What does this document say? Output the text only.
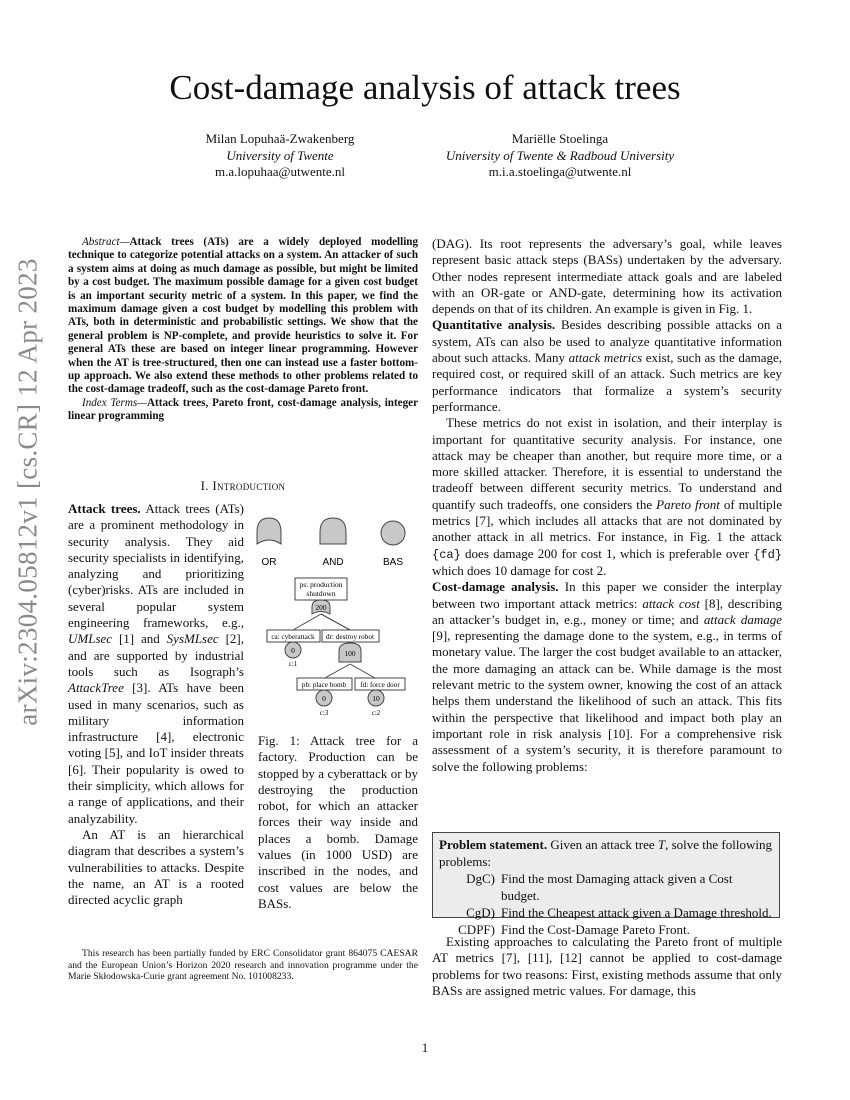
arXiv:2304.05812v1 [cs.CR] 12 Apr 2023
Cost-damage analysis of attack trees
Milan Lopuhaä-Zwakenberg
University of Twente
m.a.lopuhaa@utwente.nl
Mariëlle Stoelinga
University of Twente & Radboud University
m.i.a.stoelinga@utwente.nl

Abstract—Attack trees (ATs) are a widely deployed modelling technique to categorize potential attacks on a system. An attacker of such a system aims at doing as much damage as possible, but might be limited by a cost budget. The maximum possible damage for a given cost budget is an important security metric of a system. In this paper, we find the maximum damage given a cost budget by modelling this problem with ATs, both in deterministic and probabilistic settings. We show that the general problem is NP-complete, and provide heuristics to solve it. For general ATs these are based on integer linear programming. However when the AT is tree-structured, then one can instead use a faster bottom-up approach. We also extend these methods to other problems related to the cost-damage tradeoff, such as the cost-damage Pareto front.

Index Terms—Attack trees, Pareto front, cost-damage analysis, integer linear programming

I. Introduction

Attack trees. Attack trees (ATs) are a prominent methodology in security analysis. They aid security specialists in identifying, analyzing and prioritizing (cyber)risks. ATs are included in several popular system engineering frameworks, e.g., UMLsec [1] and SysMLsec [2], and are supported by industrial tools such as Isograph’s AttackTree [3]. ATs have been used in many scenarios, such as military information infrastructure [4], electronic voting [5], and IoT insider threats [6]. Their popularity is owed to their simplicity, which allows for a range of applications, and their analyzability.

An AT is an hierarchical diagram that describes a system’s vulnerabilities to attacks. Despite the name, an AT is a rooted directed acyclic graph

OR	AND	BAS
ps: production
shutdown
200
ca: cyberattack
0
c:1
dr: destroy robot
100
pb: place bomb
0
c:3
fd: force door
10
c:2
Fig. 1: Attack tree for a factory. Production can be stopped by a cyberattack or by destroying the production robot, for which an attacker forces their way inside and places a bomb. Damage values (in 1000 USD) are inscribed in the nodes, and cost values are below the BASs.

This research has been partially funded by ERC Consolidator grant 864075 CAESAR and the European Union’s Horizon 2020 research and innovation programme under the Marie Skłodowska-Curie grant agreement No. 101008233.

(DAG). Its root represents the adversary’s goal, while leaves represent basic attack steps (BASs) undertaken by the adversary. Other nodes represent intermediate attack goals and are labeled with an OR-gate or AND-gate, determining how its activation depends on that of its children. An example is given in Fig. 1.

Quantitative analysis. Besides describing possible attacks on a system, ATs can also be used to analyze quantitative information about such attacks. Many attack metrics exist, such as the damage, required cost, or required skill of an attack. Such metrics are key performance indicators that formalize a system’s security performance.

These metrics do not exist in isolation, and their interplay is important for quantitative security analysis. For instance, one attack may be cheaper than another, but require more time, or a more skilled attacker. Therefore, it is essential to understand the tradeoff between different security metrics. To understand and quantify such tradeoffs, one considers the Pareto front of multiple metrics [7], which includes all attacks that are not dominated by another attack in all metrics. For instance, in Fig. 1 the attack {ca} does damage 200 for cost 1, which is preferable over {fd} which does 10 damage for cost 2.

Cost-damage analysis. In this paper we consider the interplay between two important attack metrics: attack cost [8], describing an attacker’s budget in, e.g., money or time; and attack damage [9], representing the damage done to the system, e.g., in terms of monetary value. The larger the cost budget available to an attacker, the more damaging an attack can be. While damage is the most relevant metric to the system owner, knowing the cost of an attack helps them understand the likelihood of such an attack. This fits within the perspective that likelihood and impact both play an important role in risk analysis [10]. For a comprehensive risk assessment of a system’s security, it is therefore paramount to solve the following problems:

Problem statement. Given an attack tree T, solve the following problems:
DgC) Find the most Damaging attack given a Cost budget.
CgD) Find the Cheapest attack given a Damage threshold.
CDPF) Find the Cost-Damage Pareto Front.

Existing approaches to calculating the Pareto front of multiple AT metrics [7], [11], [12] cannot be applied to cost-damage problems for two reasons: First, existing methods assume that only BASs are assigned metric values. For damage, this

1
